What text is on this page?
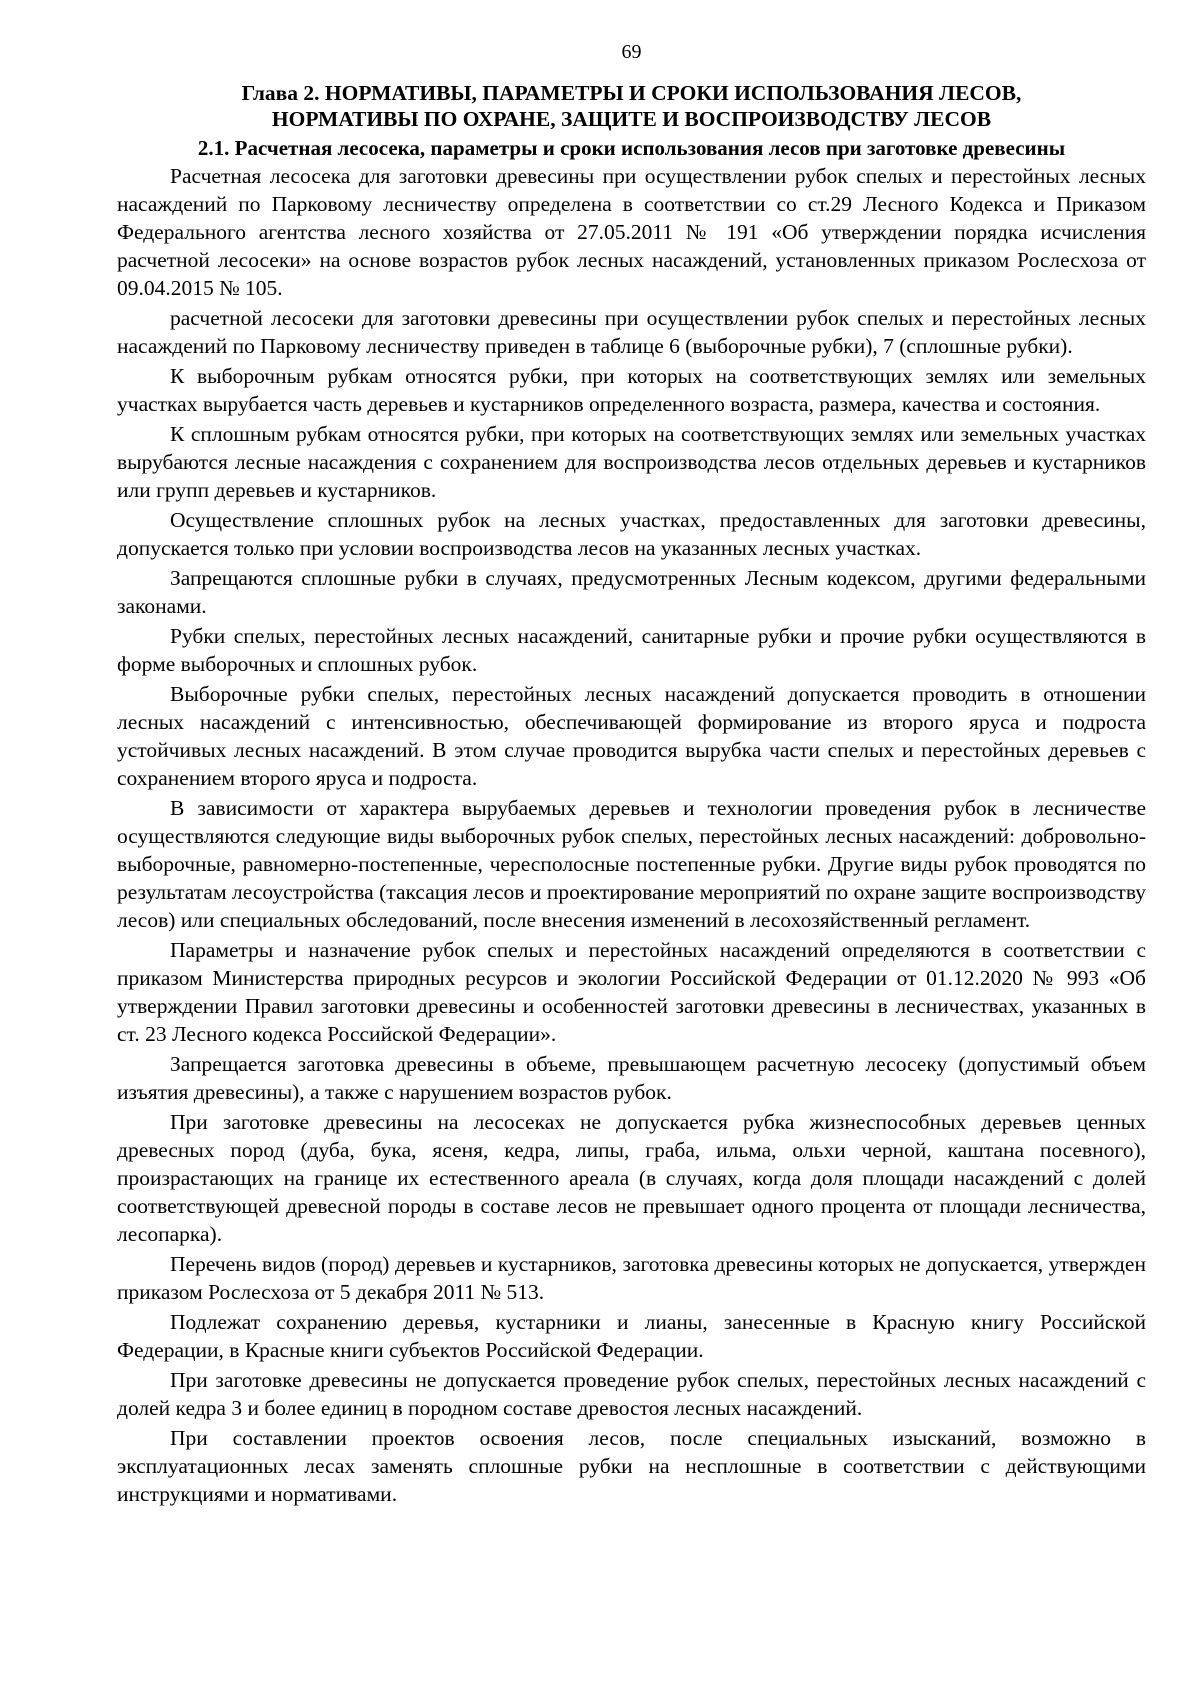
69
Глава 2. НОРМАТИВЫ, ПАРАМЕТРЫ И СРОКИ ИСПОЛЬЗОВАНИЯ ЛЕСОВ,
НОРМАТИВЫ ПО ОХРАНЕ, ЗАЩИТЕ И ВОСПРОИЗВОДСТВУ ЛЕСОВ
2.1. Расчетная лесосека, параметры и сроки использования лесов при заготовке древесины

Расчетная лесосека для заготовки древесины при осуществлении рубок спелых и перестойных лесных насаждений по Парковому лесничеству определена в соответствии со ст.29 Лесного Кодекса и Приказом Федерального агентства лесного хозяйства от 27.05.2011 № 191 «Об утверждении порядка исчисления расчетной лесосеки» на основе возрастов рубок лесных насаждений, установленных приказом Рослесхоза от 09.04.2015 № 105.

расчетной лесосеки для заготовки древесины при осуществлении рубок спелых и перестойных лесных насаждений по Парковому лесничеству приведен в таблице 6 (выборочные рубки), 7 (сплошные рубки).

К выборочным рубкам относятся рубки, при которых на соответствующих землях или земельных участках вырубается часть деревьев и кустарников определенного возраста, размера, качества и состояния.

К сплошным рубкам относятся рубки, при которых на соответствующих землях или земельных участках вырубаются лесные насаждения с сохранением для воспроизводства лесов отдельных деревьев и кустарников или групп деревьев и кустарников.

Осуществление сплошных рубок на лесных участках, предоставленных для заготовки древесины, допускается только при условии воспроизводства лесов на указанных лесных участках.

Запрещаются сплошные рубки в случаях, предусмотренных Лесным кодексом, другими федеральными законами.

Рубки спелых, перестойных лесных насаждений, санитарные рубки и прочие рубки осуществляются в форме выборочных и сплошных рубок.

Выборочные рубки спелых, перестойных лесных насаждений допускается проводить в отношении лесных насаждений с интенсивностью, обеспечивающей формирование из второго яруса и подроста устойчивых лесных насаждений. В этом случае проводится вырубка части спелых и перестойных деревьев с сохранением второго яруса и подроста.

В зависимости от характера вырубаемых деревьев и технологии проведения рубок в лесничестве осуществляются следующие виды выборочных рубок спелых, перестойных лесных насаждений: добровольно-выборочные, равномерно-постепенные, чересполосные постепенные рубки. Другие виды рубок проводятся по результатам лесоустройства (таксация лесов и проектирование мероприятий по охране защите воспроизводству лесов) или специальных обследований, после внесения изменений в лесохозяйственный регламент.

Параметры и назначение рубок спелых и перестойных насаждений определяются в соответствии с приказом Министерства природных ресурсов и экологии Российской Федерации от 01.12.2020 № 993 «Об утверждении Правил заготовки древесины и особенностей заготовки древесины в лесничествах, указанных в ст. 23 Лесного кодекса Российской Федерации».

Запрещается заготовка древесины в объеме, превышающем расчетную лесосеку (допустимый объем изъятия древесины), а также с нарушением возрастов рубок.

При заготовке древесины на лесосеках не допускается рубка жизнеспособных деревьев ценных древесных пород (дуба, бука, ясеня, кедра, липы, граба, ильма, ольхи черной, каштана посевного), произрастающих на границе их естественного ареала (в случаях, когда доля площади насаждений с долей соответствующей древесной породы в составе лесов не превышает одного процента от площади лесничества, лесопарка).

Перечень видов (пород) деревьев и кустарников, заготовка древесины которых не допускается, утвержден приказом Рослесхоза от 5 декабря 2011 № 513.

Подлежат сохранению деревья, кустарники и лианы, занесенные в Красную книгу Российской Федерации, в Красные книги субъектов Российской Федерации.

При заготовке древесины не допускается проведение рубок спелых, перестойных лесных насаждений с долей кедра 3 и более единиц в породном составе древостоя лесных насаждений.

При составлении проектов освоения лесов, после специальных изысканий, возможно в эксплуатационных лесах заменять сплошные рубки на несплошные в соответствии с действующими инструкциями и нормативами.
